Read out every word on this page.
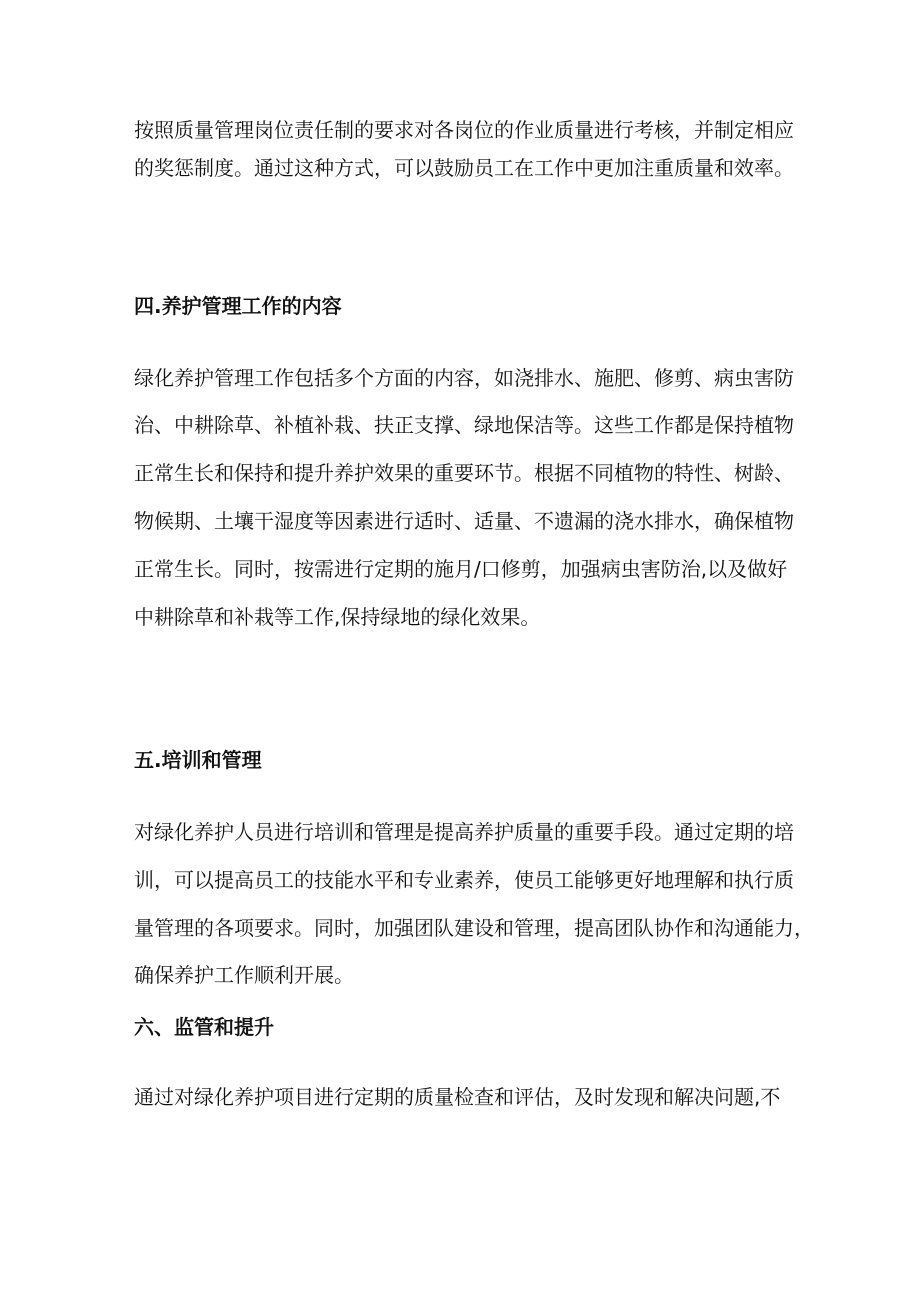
按照质量管理岗位责任制的要求对各岗位的作业质量进行考核，并制定相应
的奖惩制度。通过这种方式，可以鼓励员工在工作中更加注重质量和效率。
四.养护管理工作的内容
绿化养护管理工作包括多个方面的内容，如浇排水、施肥、修剪、病虫害防
治、中耕除草、补植补栽、扶正支撑、绿地保洁等。这些工作都是保持植物
正常生长和保持和提升养护效果的重要环节。根据不同植物的特性、树龄、
物候期、土壤干湿度等因素进行适时、适量、不遗漏的浇水排水，确保植物
正常生长。同时，按需进行定期的施月/口修剪，加强病虫害防治,以及做好
中耕除草和补栽等工作,保持绿地的绿化效果。
五.培训和管理
对绿化养护人员进行培训和管理是提高养护质量的重要手段。通过定期的培
训，可以提高员工的技能水平和专业素养，使员工能够更好地理解和执行质
量管理的各项要求。同时，加强团队建设和管理，提高团队协作和沟通能力，
确保养护工作顺利开展。
六、监管和提升
通过对绿化养护项目进行定期的质量检查和评估，及时发现和解决问题,不
